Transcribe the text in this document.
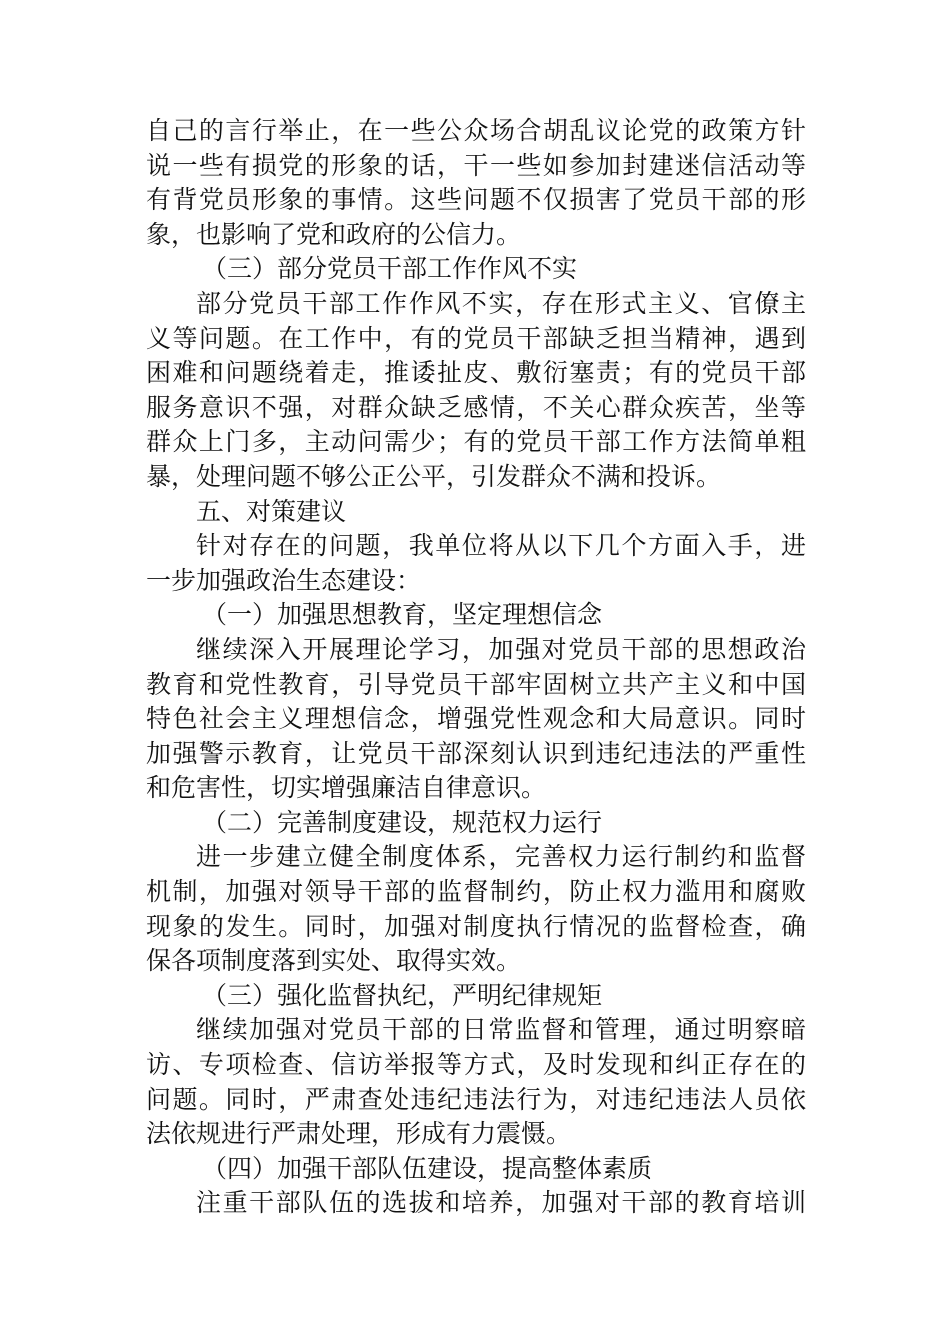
自己的言行举止，在一些公众场合胡乱议论党的政策方针
说一些有损党的形象的话，干一些如参加封建迷信活动等
有背党员形象的事情。这些问题不仅损害了党员干部的形
象，也影响了党和政府的公信力。
（三）部分党员干部工作作风不实
部分党员干部工作作风不实，存在形式主义、官僚主
义等问题。在工作中，有的党员干部缺乏担当精神，遇到
困难和问题绕着走，推诿扯皮、敷衍塞责；有的党员干部
服务意识不强，对群众缺乏感情，不关心群众疾苦，坐等
群众上门多，主动问需少；有的党员干部工作方法简单粗
暴，处理问题不够公正公平，引发群众不满和投诉。
五、对策建议
针对存在的问题，我单位将从以下几个方面入手，进
一步加强政治生态建设：
（一）加强思想教育，坚定理想信念
继续深入开展理论学习，加强对党员干部的思想政治
教育和党性教育，引导党员干部牢固树立共产主义和中国
特色社会主义理想信念，增强党性观念和大局意识。同时
加强警示教育，让党员干部深刻认识到违纪违法的严重性
和危害性，切实增强廉洁自律意识。
（二）完善制度建设，规范权力运行
进一步建立健全制度体系，完善权力运行制约和监督
机制，加强对领导干部的监督制约，防止权力滥用和腐败
现象的发生。同时，加强对制度执行情况的监督检查，确
保各项制度落到实处、取得实效。
（三）强化监督执纪，严明纪律规矩
继续加强对党员干部的日常监督和管理，通过明察暗
访、专项检查、信访举报等方式，及时发现和纠正存在的
问题。同时，严肃查处违纪违法行为，对违纪违法人员依
法依规进行严肃处理，形成有力震慑。
（四）加强干部队伍建设，提高整体素质
注重干部队伍的选拔和培养，加强对干部的教育培训
